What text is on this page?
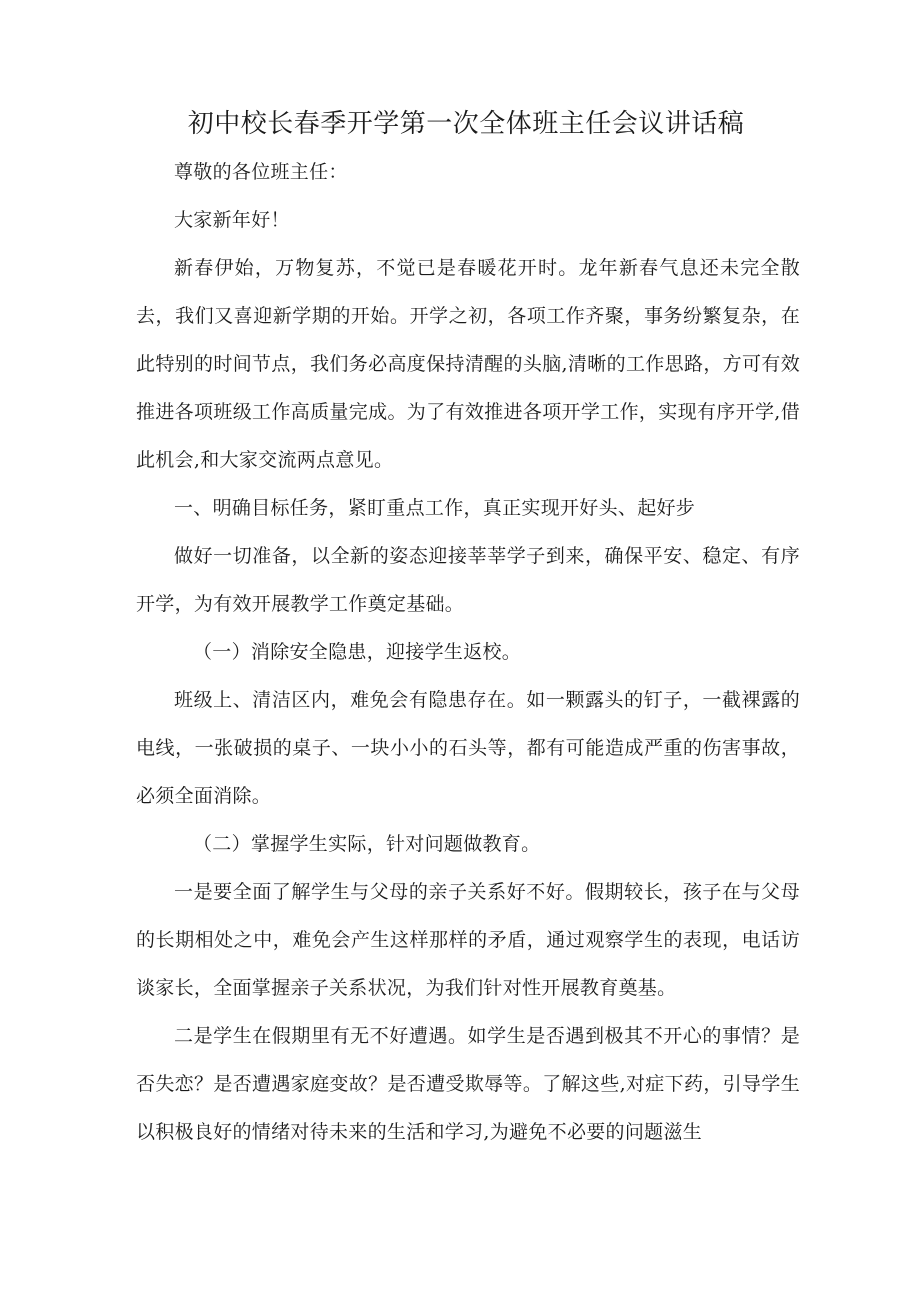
初中校长春季开学第一次全体班主任会议讲话稿

尊敬的各位班主任：

大家新年好！

新春伊始，万物复苏，不觉已是春暖花开时。龙年新春气息还未完全散去，我们又喜迎新学期的开始。开学之初，各项工作齐聚，事务纷繁复杂，在此特别的时间节点，我们务必高度保持清醒的头脑,清晰的工作思路，方可有效推进各项班级工作高质量完成。为了有效推进各项开学工作，实现有序开学,借此机会,和大家交流两点意见。

一、明确目标任务，紧盯重点工作，真正实现开好头、起好步

做好一切准备，以全新的姿态迎接莘莘学子到来，确保平安、稳定、有序开学，为有效开展教学工作奠定基础。

（一）消除安全隐患，迎接学生返校。

班级上、清洁区内，难免会有隐患存在。如一颗露头的钉子，一截裸露的电线，一张破损的桌子、一块小小的石头等，都有可能造成严重的伤害事故，必须全面消除。

（二）掌握学生实际，针对问题做教育。

一是要全面了解学生与父母的亲子关系好不好。假期较长，孩子在与父母的长期相处之中，难免会产生这样那样的矛盾，通过观察学生的表现，电话访谈家长，全面掌握亲子关系状况，为我们针对性开展教育奠基。

二是学生在假期里有无不好遭遇。如学生是否遇到极其不开心的事情？是否失恋？是否遭遇家庭变故？是否遭受欺辱等。了解这些,对症下药，引导学生以积极良好的情绪对待未来的生活和学习,为避免不必要的问题滋生
